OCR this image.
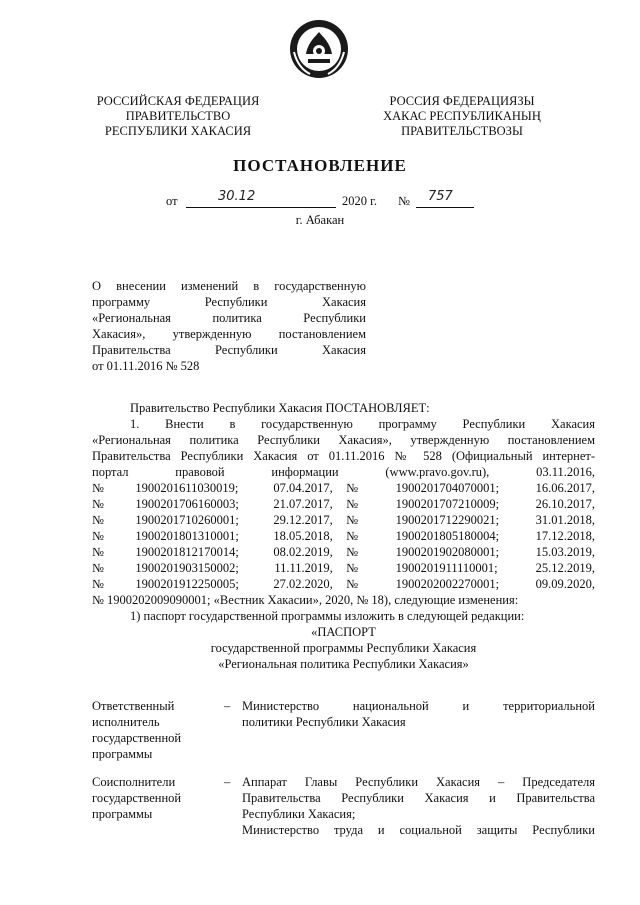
РОССИЙСКАЯ ФЕДЕРАЦИЯ
ПРАВИТЕЛЬСТВО
РЕСПУБЛИКИ ХАКАСИЯ
РОССИЯ ФЕДЕРАЦИЯЗЫ
ХАКАС РЕСПУБЛИКАНЫҢ
ПРАВИТЕЛЬСТВОЗЫ
ПОСТАНОВЛЕНИЕ
от	30.12	2020 г. № 757
г. Абакан

О внесении изменений в государственную

программу Республики Хакасия

«Региональная политика Республики

Хакасия», утвержденную постановлением

Правительства Республики Хакасия

от 01.11.2016 № 528

Правительство Республики Хакасия ПОСТАНОВЛЯЕТ:

1. Внести в государственную программу Республики Хакасия

«Региональная политика Республики Хакасия», утвержденную постановлением

Правительства Республики Хакасия от 01.11.2016 № 528 (Официальный интернет-

портал правовой информации (www.pravo.gov.ru), 03.11.2016,

№	1900201611030019;	07.04.2017, №	1900201704070001;	16.06.2017,
№	1900201706160003;	21.07.2017, №	1900201707210009;	26.10.2017,
№	1900201710260001;	29.12.2017, №	1900201712290021;	31.01.2018,
№	1900201801310001;	18.05.2018, №	1900201805180004;	17.12.2018,
№	1900201812170014;	08.02.2019, №	1900201902080001;	15.03.2019,
№	1900201903150002;	11.11.2019, №	1900201911110001;	25.12.2019,
№	1900201912250005;	27.02.2020, №	1900202002270001;	09.09.2020,

№ 1900202009090001; «Вестник Хакасии», 2020, № 18), следующие изменения:

1) паспорт государственной программы изложить в следующей редакции:

«ПАСПОРТ

государственной программы Республики Хакасия

«Региональная политика Республики Хакасия»

Ответственный
исполнитель
государственной
программы
– Министерство национальной и территориальной

политики Республики Хакасия

Соисполнители
государственной
программы
– Аппарат Главы Республики Хакасия – Председателя

Правительства Республики Хакасия и Правительства

Республики Хакасия;

Министерство труда и социальной защиты Республики
